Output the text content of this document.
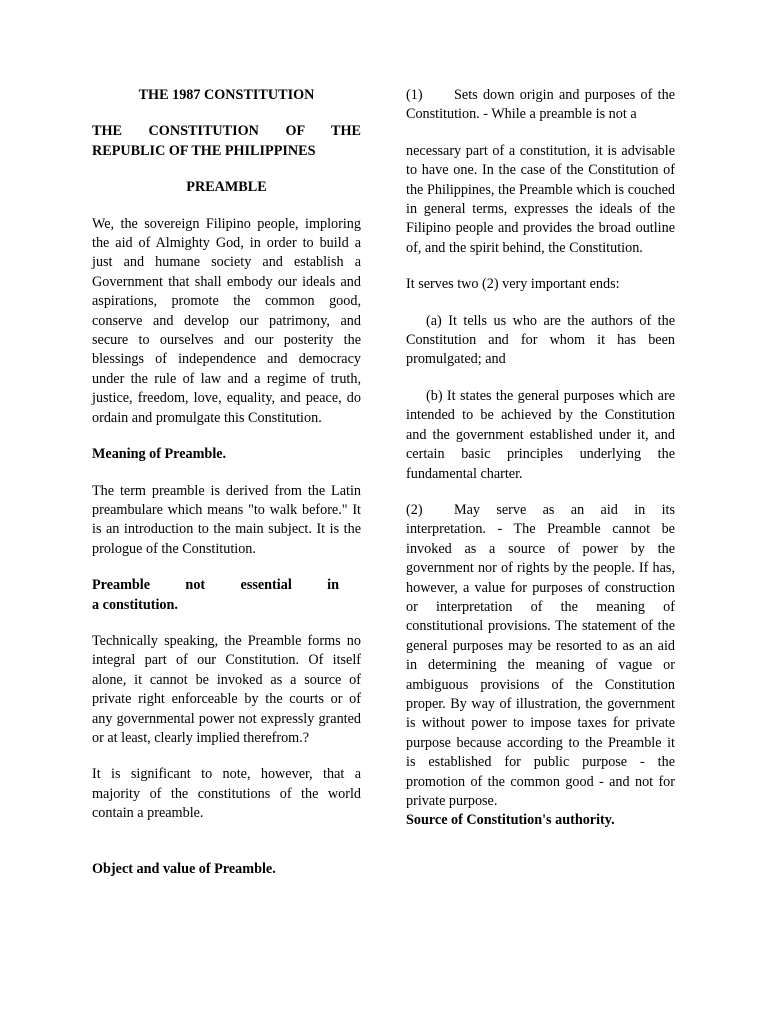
THE 1987 CONSTITUTION

THE CONSTITUTION OF THE

REPUBLIC OF THE PHILIPPINES

PREAMBLE

We, the sovereign Filipino people, imploring the aid of Almighty God, in order to build a just and humane society and establish a Government that shall embody our ideals and aspirations, promote the common good, conserve and develop our patrimony, and secure to ourselves and our posterity the blessings of independence and democracy under the rule of law and a regime of truth, justice, freedom, love, equality, and peace, do ordain and promulgate this Constitution.

Meaning of Preamble.

The term preamble is derived from the Latin preambulare which means "to walk before." It is an introduction to the main subject. It is the prologue of the Constitution.

Preamble not essential in

a constitution.

Technically speaking, the Preamble forms no integral part of our Constitution. Of itself alone, it cannot be invoked as a source of private right enforceable by the courts or of any governmental power not expressly granted or at least, clearly implied therefrom.?

It is significant to note, however, that a majority of the constitutions of the world contain a preamble.

Object and value of Preamble.

(1) Sets down origin and purposes of the Constitution. - While a preamble is not a

necessary part of a constitution, it is advisable to have one. In the case of the Constitution of the Philippines, the Preamble which is couched in general terms, expresses the ideals of the Filipino people and provides the broad outline of, and the spirit behind, the Constitution.

It serves two (2) very important ends:

(a) It tells us who are the authors of the Constitution and for whom it has been promulgated; and

(b) It states the general purposes which are intended to be achieved by the Constitution and the government established under it, and certain basic principles underlying the fundamental charter.

(2) May serve as an aid in its interpretation. - The Preamble cannot be invoked as a source of power by the government nor of rights by the people. If has, however, a value for purposes of construction or interpretation of the meaning of constitutional provisions. The statement of the general purposes may be resorted to as an aid in determining the meaning of vague or ambiguous provisions of the Constitution proper. By way of illustration, the government is without power to impose taxes for private purpose because according to the Preamble it is established for public purpose - the promotion of the common good - and not for private purpose.

Source of Constitution's authority.
